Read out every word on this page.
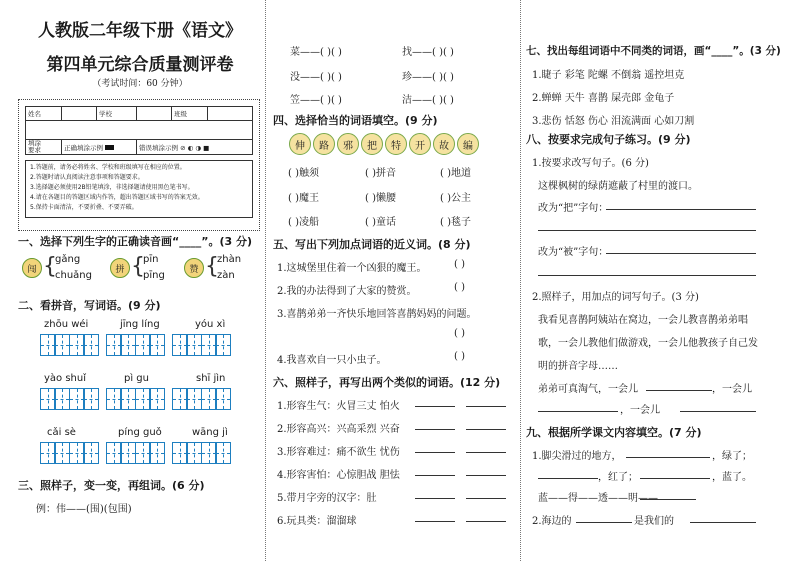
人教版二年级下册《语文》
第四单元综合质量测评卷
（考试时间：60 分钟）
姓名		学校		班级	

填涂
要求	正确填涂示例		错误填涂示例 ⊘ ◐ ◑ ■		
1.答题前，请务必将姓名、学校和班级填写在相应的位置。
2.答题时请认真阅读注意事项和答题要求。
3.选择题必须使用2B铅笔填涂，非选择题请使用黑色笔书写。
4.请在各题目的答题区域内作答，超出答题区域书写的答案无效。
5.保持卡面清洁，不要折叠、不要弄破。
一、选择下列生字的正确读音画“____”。(3 分)
闯 {
gǎng
chuǎng
拼 {
pīn
pīng
赞 {
zhàn
zàn
二、看拼音，写词语。(9 分)
zhōu wéi	jīng líng	yóu xì
yào shuǐ	pì gu	shī jìn
cǎi sè	píng guǒ	wāng jì
三、照样子，变一变，再组词。(6 分)
例：伟——(围)(包围)
菜——( )( )	找——( )( )
没——( )( )	珍——( )( )
笠——( )( )	洁——( )( )
四、选择恰当的词语填空。(9 分)
伸	路	邪	把	特	开	故	编
( )触须	( )拼音	( )地道
( )魔王	( )懒腰	( )公主
( )凌船	( )童话	( )毯子
五、写出下列加点词语的近义词。(8 分)
1.这城堡里住着一个凶狠的魔王。	( )
2.我的办法得到了大家的赞赏。	( )
3.喜鹊弟弟一齐快乐地回答喜鹊妈妈的问题。
( )
4.我喜欢自一只小虫子。	( )
六、照样子，再写出两个类似的词语。(12 分)
1.形容生气：火冒三丈 怕火
2.形容高兴：兴高采烈 兴奋
3.形容难过：痛不欲生 忧伤
4.形容害怕：心惊胆战 胆怯
5.带月字旁的汉字：肚
6.玩具类：溜溜球
七、找出每组词语中不同类的词语，画“____”。(3 分)
1.睫子 彩笔 陀螺 不倒翁 遥控坦克
2.蝉蝉 天牛 喜鹊 屎壳郎 金龟子
3.悲伤 恬怒 伤心 泪流满面 心如刀割
八、按要求完成句子练习。(9 分)
1.按要求改写句子。(6 分)
这棵枫树的绿荫遮蔽了村里的渡口。
改为“把”字句：
改为“被”字句：
2.照样子，用加点的词写句子。(3 分)
我看见喜鹊阿姨站在窝边，一会儿教喜鹊弟弟唱
歌，一会儿教他们做游戏，一会儿他教孩子自己发
明的拼音字母……
弟弟可真淘气，一会儿	，一会儿
，一会儿
九、根据所学课文内容填空。(7 分)
1.脚尖滑过的地方，	，绿了；
，红了；	，蓝了。
蓝——得——透——明——
2.海边的	是我们的
